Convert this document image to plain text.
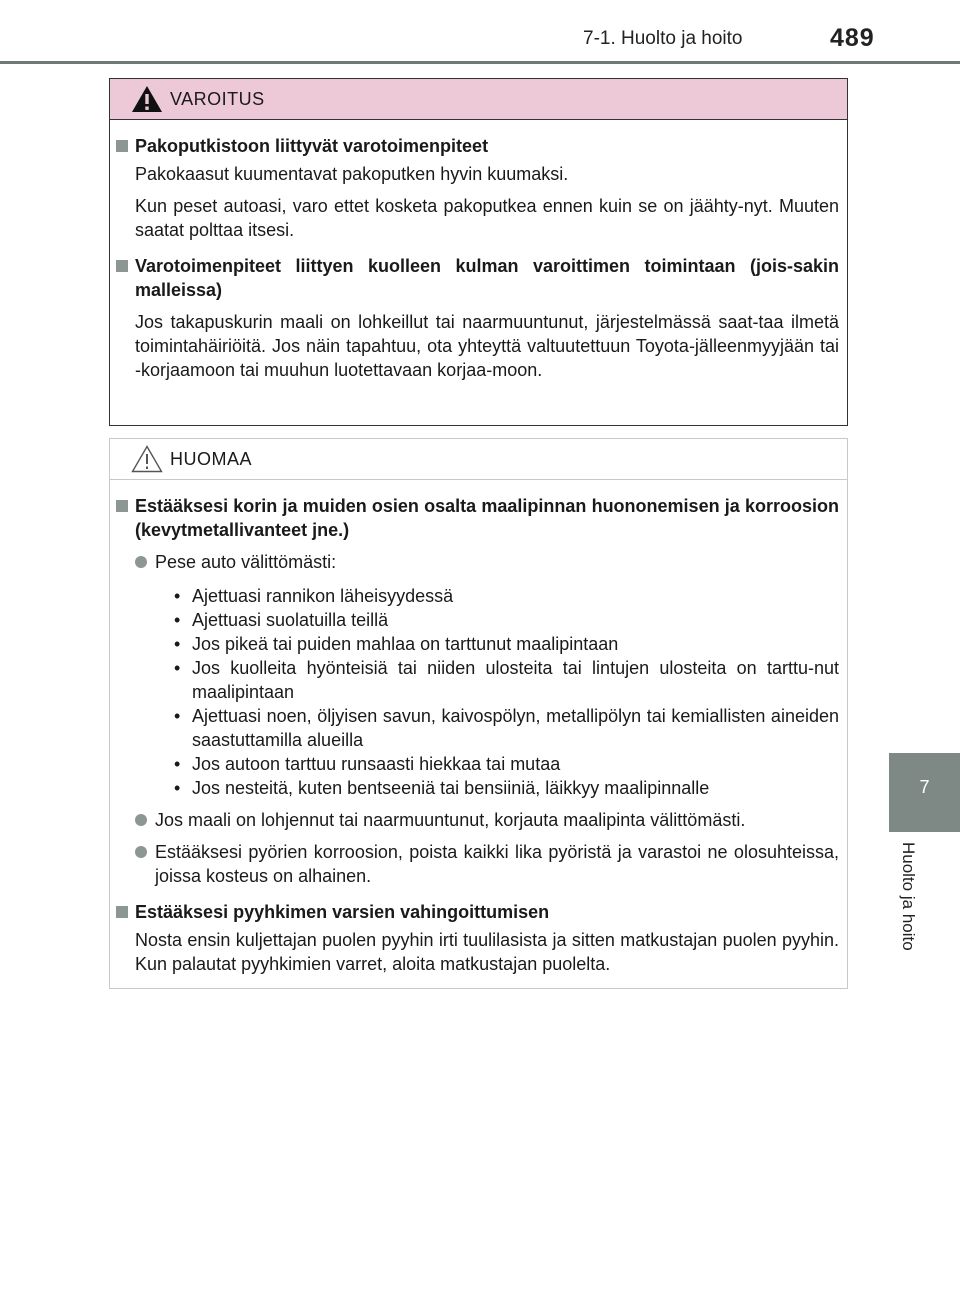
7-1. Huolto ja hoito	489
7
Huolto ja hoito
VAROITUS
Pakoputkistoon liittyvät varotoimenpiteet
Pakokaasut kuumentavat pakoputken hyvin kuumaksi.
Kun peset autoasi, varo ettet kosketa pakoputkea ennen kuin se on jäähty-nyt. Muuten saatat polttaa itsesi.
Varotoimenpiteet liittyen kuolleen kulman varoittimen toimintaan (jois-sakin malleissa)
Jos takapuskurin maali on lohkeillut tai naarmuuntunut, järjestelmässä saat-taa ilmetä toimintahäiriöitä. Jos näin tapahtuu, ota yhteyttä valtuutettuun Toyota-jälleenmyyjään tai -korjaamoon tai muuhun luotettavaan korjaa-moon.
HUOMAA
Estääksesi korin ja muiden osien osalta maalipinnan huononemisen ja korroosion (kevytmetallivanteet jne.)
Pese auto välittömästi:
• Ajettuasi rannikon läheisyydessä
• Ajettuasi suolatuilla teillä
• Jos pikeä tai puiden mahlaa on tarttunut maalipintaan
• Jos kuolleita hyönteisiä tai niiden ulosteita tai lintujen ulosteita on tarttu-nut maalipintaan
• Ajettuasi noen, öljyisen savun, kaivospölyn, metallipölyn tai kemiallisten aineiden saastuttamilla alueilla
• Jos autoon tarttuu runsaasti hiekkaa tai mutaa
• Jos nesteitä, kuten bentseeniä tai bensiiniä, läikkyy maalipinnalle
Jos maali on lohjennut tai naarmuuntunut, korjauta maalipinta välittömästi.
Estääksesi pyörien korroosion, poista kaikki lika pyöristä ja varastoi ne olosuhteissa, joissa kosteus on alhainen.
Estääksesi pyyhkimen varsien vahingoittumisen
Nosta ensin kuljettajan puolen pyyhin irti tuulilasista ja sitten matkustajan puolen pyyhin. Kun palautat pyyhkimien varret, aloita matkustajan puolelta.
